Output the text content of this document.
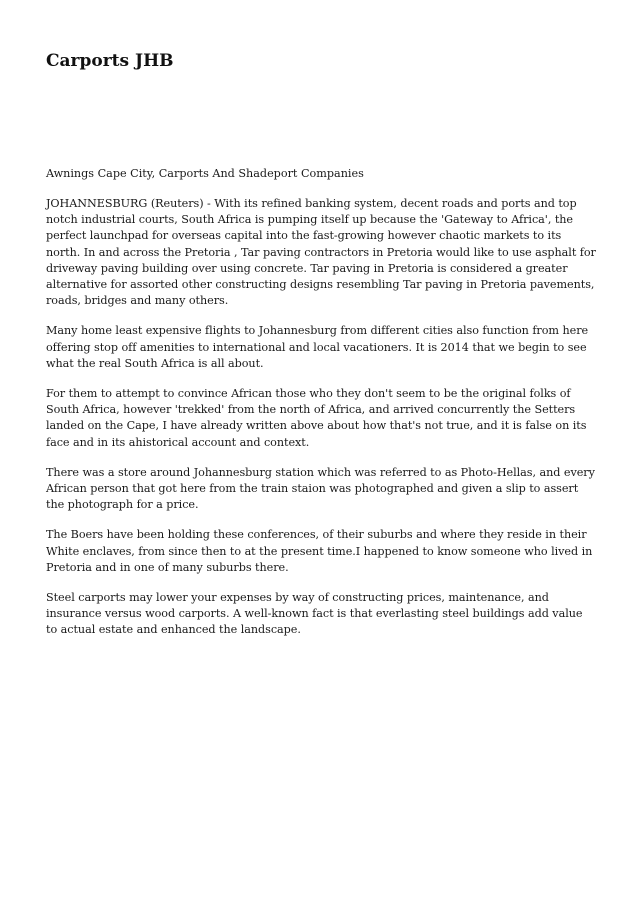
Carports JHB

Awnings Cape City, Carports And Shadeport Companies

JOHANNESBURG (Reuters) - With its refined banking system, decent roads and ports and top notch industrial courts, South Africa is pumping itself up because the 'Gateway to Africa', the perfect launchpad for overseas capital into the fast-growing however chaotic markets to its north. In and across the Pretoria , Tar paving contractors in Pretoria would like to use asphalt for driveway paving building over using concrete. Tar paving in Pretoria is considered a greater alternative for assorted other constructing designs resembling Tar paving in Pretoria pavements, roads, bridges and many others.

Many home least expensive flights to Johannesburg from different cities also function from here offering stop off amenities to international and local vacationers. It is 2014 that we begin to see what the real South Africa is all about.

For them to attempt to convince African those who they don't seem to be the original folks of South Africa, however 'trekked' from the north of Africa, and arrived concurrently the Setters landed on the Cape, I have already written above about how that's not true, and it is false on its face and in its ahistorical account and context.

There was a store around Johannesburg station which was referred to as Photo-Hellas, and every African person that got here from the train staion was photographed and given a slip to assert the photograph for a price.

The Boers have been holding these conferences, of their suburbs and where they reside in their White enclaves, from since then to at the present time.I happened to know someone who lived in Pretoria and in one of many suburbs there.

Steel carports may lower your expenses by way of constructing prices, maintenance, and insurance versus wood carports. A well-known fact is that everlasting steel buildings add value to actual estate and enhanced the landscape.
